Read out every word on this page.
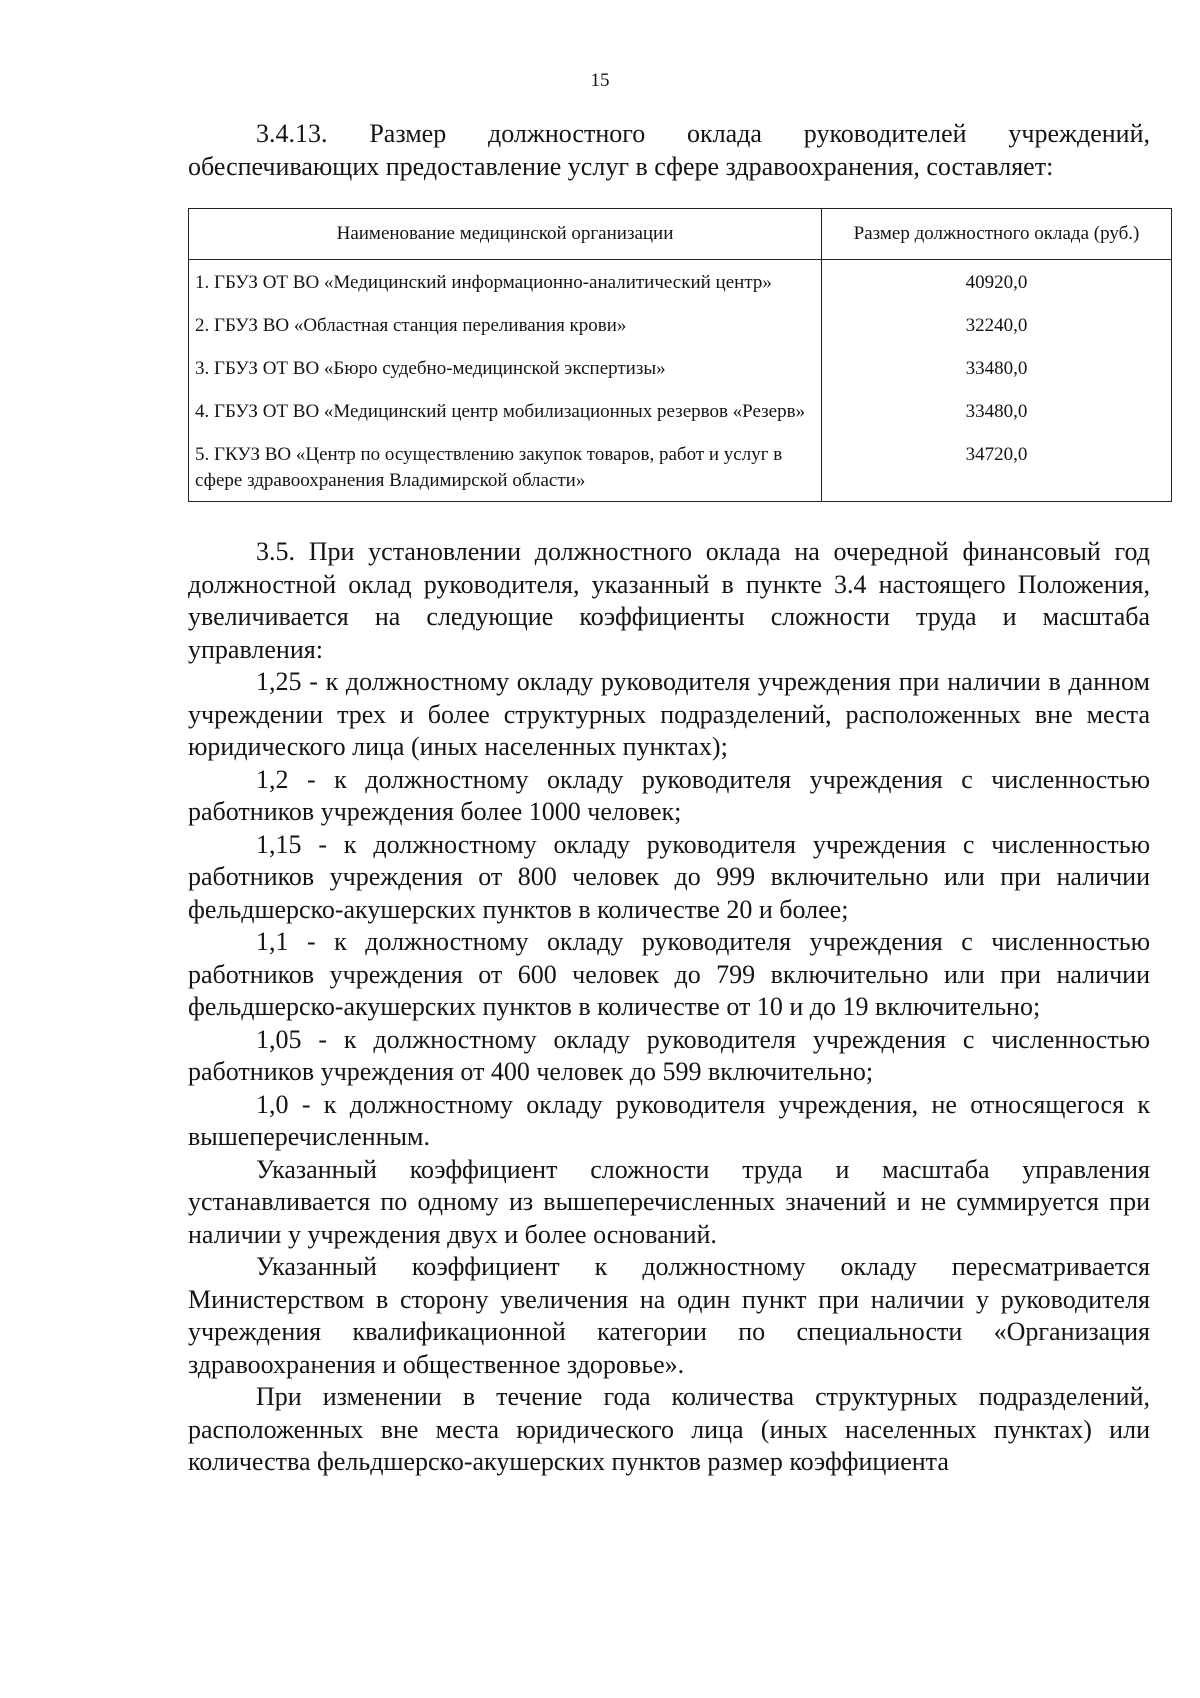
15

3.4.13. Размер должностного оклада руководителей учреждений, обеспечивающих предоставление услуг в сфере здравоохранения, составляет:

Наименование медицинской организации	Размер должностного оклада (руб.)
1. ГБУЗ ОТ ВО «Медицинский информационно-аналитический центр»	40920,0
2. ГБУЗ ВО «Областная станция переливания крови»	32240,0
3. ГБУЗ ОТ ВО «Бюро судебно-медицинской экспертизы»	33480,0
4. ГБУЗ ОТ ВО «Медицинский центр мобилизационных резервов «Резерв»	33480,0
5. ГКУЗ ВО «Центр по осуществлению закупок товаров, работ и услуг в сфере здравоохранения Владимирской области»	34720,0

3.5. При установлении должностного оклада на очередной финансовый год должностной оклад руководителя, указанный в пункте 3.4 настоящего Положения, увеличивается на следующие коэффициенты сложности труда и масштаба управления:

1,25 - к должностному окладу руководителя учреждения при наличии в данном учреждении трех и более структурных подразделений, расположенных вне места юридического лица (иных населенных пунктах);

1,2 - к должностному окладу руководителя учреждения с численностью работников учреждения более 1000 человек;

1,15 - к должностному окладу руководителя учреждения с численностью работников учреждения от 800 человек до 999 включительно или при наличии фельдшерско-акушерских пунктов в количестве 20 и более;

1,1 - к должностному окладу руководителя учреждения с численностью работников учреждения от 600 человек до 799 включительно или при наличии фельдшерско-акушерских пунктов в количестве от 10 и до 19 включительно;

1,05 - к должностному окладу руководителя учреждения с численностью работников учреждения от 400 человек до 599 включительно;

1,0 - к должностному окладу руководителя учреждения, не относящегося к вышеперечисленным.

Указанный коэффициент сложности труда и масштаба управления устанавливается по одному из вышеперечисленных значений и не суммируется при наличии у учреждения двух и более оснований.

Указанный коэффициент к должностному окладу пересматривается Министерством в сторону увеличения на один пункт при наличии у руководителя учреждения квалификационной категории по специальности «Организация здравоохранения и общественное здоровье».

При изменении в течение года количества структурных подразделений, расположенных вне места юридического лица (иных населенных пунктах) или количества фельдшерско-акушерских пунктов размер коэффициента
